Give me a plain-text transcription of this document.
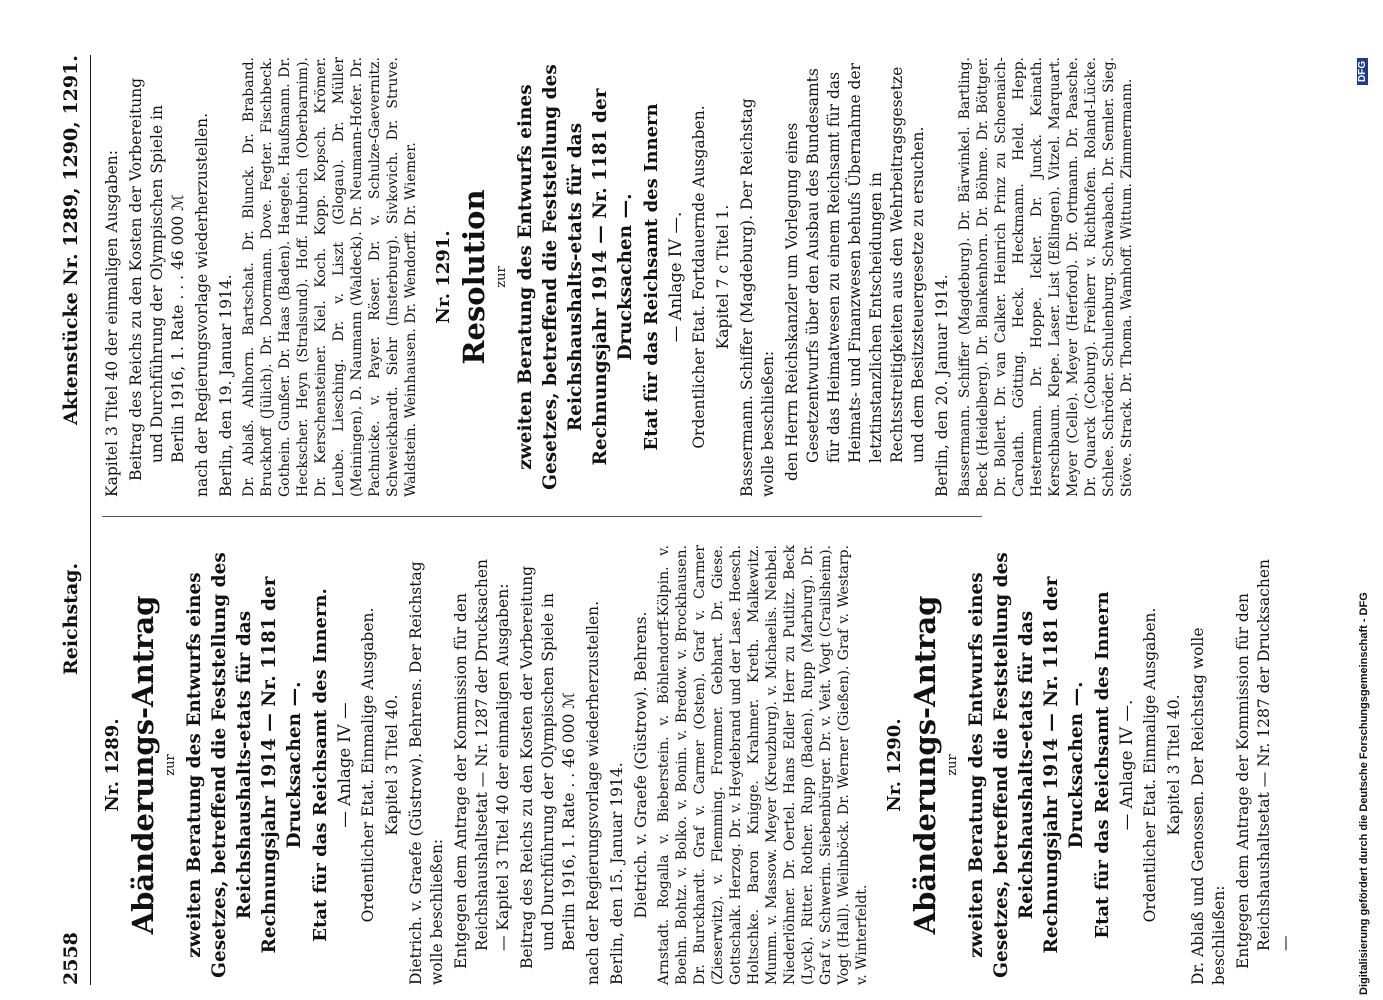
2558
Reichstag.
Aktenstücke Nr. 1289, 1290, 1291.

Nr. 1289. Abänderungs-Antrag zur zweiten Beratung des Entwurfs eines Gesetzes, betreffend die Feststellung des Reichshaushalts-etats für das Rechnungsjahr 1914 — Nr. 1181 der Drucksachen —. Etat für das Reichsamt des Innern. — Anlage IV — Ordentlicher Etat. Einmalige Ausgaben. Kapitel 3 Titel 40. Dietrich. v. Graefe (Güstrow). Behrens. Der Reichstag wolle beschließen: Entgegen dem Antrage der Kommission für den Reichshaushaltsetat — Nr. 1287 der Drucksachen — Kapitel 3 Titel 40 der einmaligen Ausgaben: Beitrag des Reichs zu den Kosten der Vorbereitung und Durchführung der Olympischen Spiele in Berlin 1916, 1. Rate . . 46 000 ℳ nach der Regierungsvorlage wiederherzustellen. Berlin, den 15. Januar 1914. Dietrich. v. Graefe (Güstrow). Behrens. Arnstadt. Rogalla v. Bieberstein. v. Böhlendorff-Kölpin. v. Boehn. Bohtz. v. Bolko. v. Bonin. v. Bredow. v. Brockhausen. Dr. Burckhardt. Graf v. Carmer (Osten). Graf v. Carmer (Zieserwitz). v. Flemming. Frommer. Gebhart. Dr. Giese. Gottschalk. Herzog. Dr. v. Heydebrand und der Lase. Hoesch. Holtschke. Baron Knigge. Krahmer. Kreth. Malkewitz. Mumm. v. Massow. Meyer (Kreuzburg). v. Michaelis. Nehbel. Niederlöhner. Dr. Oertel. Hans Edler Herr zu Putlitz. Beck (Lyck). Ritter. Rother. Rupp (Baden). Rupp (Marburg). Dr. Graf v. Schwerin. Siebenbürger. Dr. v. Veit. Vogt (Crailsheim). Vogt (Hall). Weilnböck. Dr. Werner (Gießen). Graf v. Westarp. v. Winterfeldt.

Nr. 1290. Abänderungs-Antrag zur zweiten Beratung des Entwurfs eines Gesetzes, betreffend die Feststellung des Reichshaushalts-etats für das Rechnungsjahr 1914 — Nr. 1181 der Drucksachen —. Etat für das Reichsamt des Innern — Anlage IV —. Ordentlicher Etat. Einmalige Ausgaben. Kapitel 3 Titel 40. Dr. Ablaß und Genossen. Der Reichstag wolle beschließen: Entgegen dem Antrage der Kommission für den Reichshaushaltsetat — Nr. 1287 der Drucksachen —

Kapitel 3 Titel 40 der einmaligen Ausgaben: Beitrag des Reichs zu den Kosten der Vorbereitung und Durchführung der Olympischen Spiele in Berlin 1916, 1. Rate . . . 46 000 ℳ nach der Regierungsvorlage wiederherzustellen. Berlin, den 19. Januar 1914. Dr. Ablaß. Ahlhorn. Bartschat. Dr. Blunck. Dr. Braband. Bruckhoff (Jülich). Dr. Doormann. Dove. Fegter. Fischbeck. Gothein. Gunßer. Dr. Haas (Baden). Haegele. Haußmann. Dr. Heckscher. Heyn (Stralsund). Hoff. Hubrich (Oberbarnim). Dr. Kerschensteiner. Kiel. Koch. Kopp. Kopsch. Krömer. Leube. Liesching. Dr. v. Liszt (Glogau). Dr. Müller (Meiningen). D. Naumann (Waldeck). Dr. Neumann-Hofer. Dr. Pachnicke. v. Payer. Röser. Dr. v. Schulze-Gaevernitz. Schweickhardt. Siehr (Insterburg). Sivkovich. Dr. Struve. Waldstein. Weinhausen. Dr. Wendorff. Dr. Wiemer. Nr. 1291. Resolution zur zweiten Beratung des Entwurfs eines Gesetzes, betreffend die Feststellung des Reichshaushalts-etats für das Rechnungsjahr 1914 — Nr. 1181 der Drucksachen —. Etat für das Reichsamt des Innern — Anlage IV —. Ordentlicher Etat. Fortdauernde Ausgaben. Kapitel 7 c Titel 1. Bassermann. Schiffer (Magdeburg). Der Reichstag wolle beschließen: den Herrn Reichskanzler um Vorlegung eines Gesetzentwurfs über den Ausbau des Bundesamts für das Heimatwesen zu einem Reichsamt für das Heimats- und Finanzwesen behufs Übernahme der letztinstanzlichen Entscheidungen in Rechtsstreitigkeiten aus den Wehrbeitragsgesetze und dem Besitzsteuergesetze zu ersuchen. Berlin, den 20. Januar 1914. Bassermann. Schiffer (Magdeburg). Dr. Bärwinkel. Bartling. Beck (Heidelberg). Dr. Blankenhorn. Dr. Böhme. Dr. Böttger. Dr. Bollert. Dr. van Calker. Heinrich Prinz zu Schoenaich-Carolath. Götting. Heck. Heckmann. Held. Hepp. Hestermann. Dr. Hoppe. Ickler. Dr. Junck. Keinath. Kerschbaum. Klepe. Laser. List (Eßlingen). Vitzel. Marquart. Meyer (Celle). Meyer (Herford). Dr. Ortmann. Dr. Paasche. Dr. Quarck (Coburg). Freiherr v. Richthofen. Roland-Lücke. Schlee. Schröder. Schulenburg. Schwabach. Dr. Semler. Sieg. Stöve. Strack. Dr. Thoma. Wamhoff. Wittum. Zimmermann.

Digitalisierung gefördert durch die Deutsche Forschungsgemeinschaft - DFG
DFG
